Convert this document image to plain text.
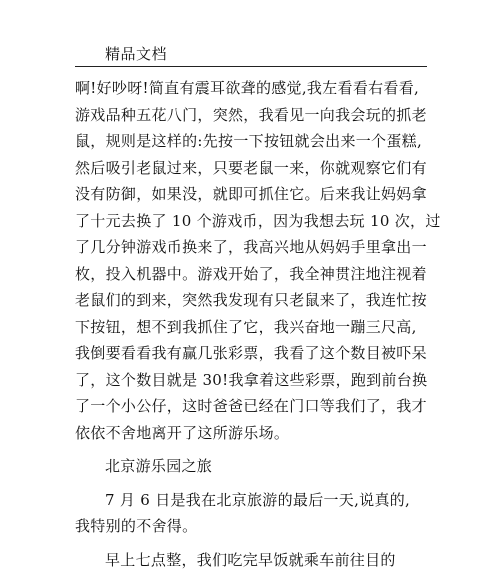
精品文档
啊!好吵呀!简直有震耳欲聋的感觉,我左看看右看看,
游戏品种五花八门，突然，我看见一向我会玩的抓老
鼠，规则是这样的:先按一下按钮就会出来一个蛋糕,
然后吸引老鼠过来，只要老鼠一来，你就观察它们有
没有防御，如果没，就即可抓住它。后来我让妈妈拿
了十元去换了 10 个游戏币，因为我想去玩 10 次，过
了几分钟游戏币换来了，我高兴地从妈妈手里拿出一
枚，投入机器中。游戏开始了，我全神贯注地注视着
老鼠们的到来，突然我发现有只老鼠来了，我连忙按
下按钮，想不到我抓住了它，我兴奋地一蹦三尺高,
我倒要看看我有赢几张彩票，我看了这个数目被吓呆
了，这个数目就是 30!我拿着这些彩票，跑到前台换
了一个小公仔，这时爸爸已经在门口等我们了，我才
依依不舍地离开了这所游乐场。
北京游乐园之旅
7 月 6 日是我在北京旅游的最后一天,说真的,
我特别的不舍得。
早上七点整，我们吃完早饭就乘车前往目的
